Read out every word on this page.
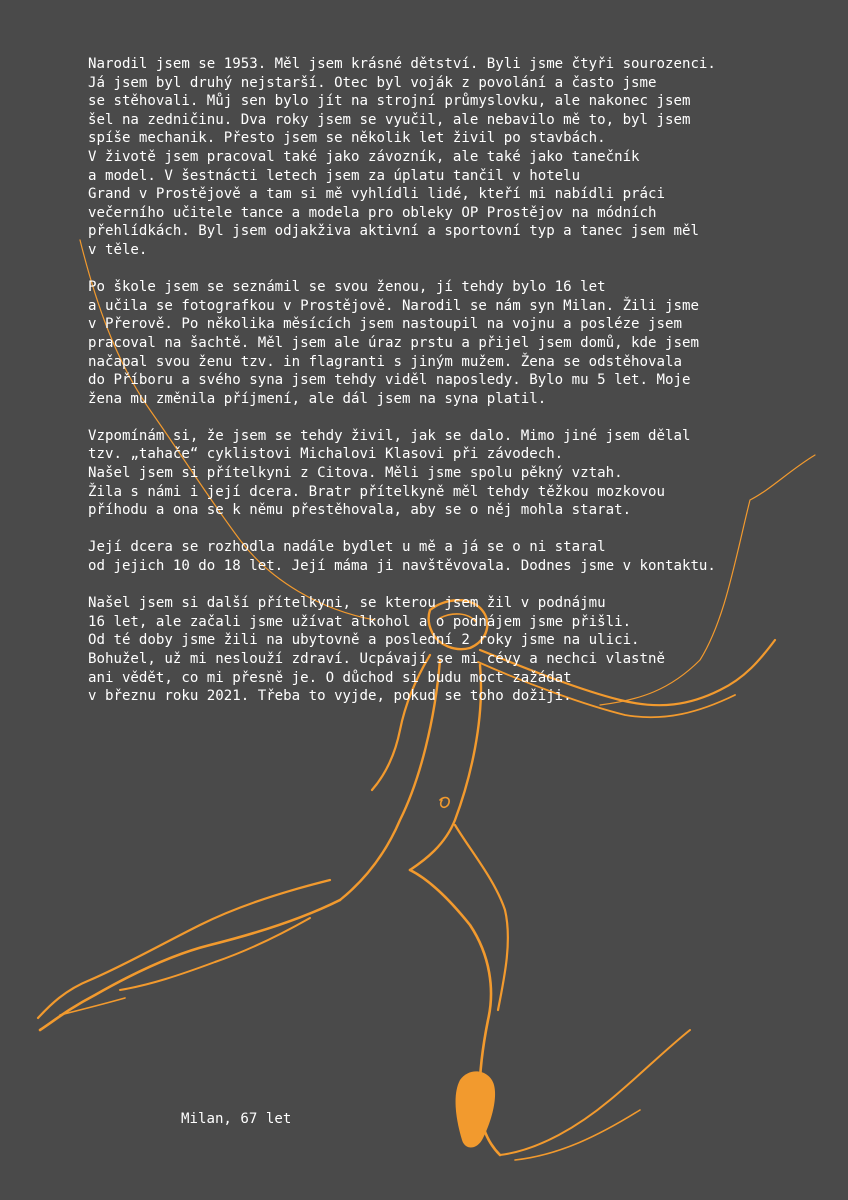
Narodil jsem se 1953. Měl jsem krásné dětství. Byli jsme čtyři sourozenci.
Já jsem byl druhý nejstarší. Otec byl voják z povolání a často jsme
se stěhovali. Můj sen bylo jít na strojní průmyslovku, ale nakonec jsem
šel na zedničinu. Dva roky jsem se vyučil, ale nebavilo mě to, byl jsem
spíše mechanik. Přesto jsem se několik let živil po stavbách.
V životě jsem pracoval také jako závozník, ale také jako tanečník
a model. V šestnácti letech jsem za úplatu tančil v hotelu
Grand v Prostějově a tam si mě vyhlídli lidé, kteří mi nabídli práci
večerního učitele tance a modela pro obleky OP Prostějov na módních
přehlídkách. Byl jsem odjakživa aktivní a sportovní typ a tanec jsem měl
v těle.

Po škole jsem se seznámil se svou ženou, jí tehdy bylo 16 let
a učila se fotografkou v Prostějově. Narodil se nám syn Milan. Žili jsme
v Přerově. Po několika měsících jsem nastoupil na vojnu a posléze jsem
pracoval na šachtě. Měl jsem ale úraz prstu a přijel jsem domů, kde jsem
načapal svou ženu tzv. in flagranti s jiným mužem. Žena se odstěhovala
do Příboru a svého syna jsem tehdy viděl naposledy. Bylo mu 5 let. Moje
žena mu změnila příjmení, ale dál jsem na syna platil.

Vzpomínám si, že jsem se tehdy živil, jak se dalo. Mimo jiné jsem dělal
tzv. „tahače“ cyklistovi Michalovi Klasovi při závodech.
Našel jsem si přítelkyni z Citova. Měli jsme spolu pěkný vztah.
Žila s námi i její dcera. Bratr přítelkyně měl tehdy těžkou mozkovou
příhodu a ona se k němu přestěhovala, aby se o něj mohla starat.

Její dcera se rozhodla nadále bydlet u mě a já se o ni staral
od jejich 10 do 18 let. Její máma ji navštěvovala. Dodnes jsme v kontaktu.

Našel jsem si další přítelkyni, se kterou jsem žil v podnájmu
16 let, ale začali jsme užívat alkohol a o podnájem jsme přišli.
Od té doby jsme žili na ubytovně a poslední 2 roky jsme na ulici.
Bohužel, už mi neslouží zdraví. Ucpávají se mi cévy a nechci vlastně
ani vědět, co mi přesně je. O důchod si budu moct zažádat
v březnu roku 2021. Třeba to vyjde, pokud se toho dožiji.

Milan, 67 let
